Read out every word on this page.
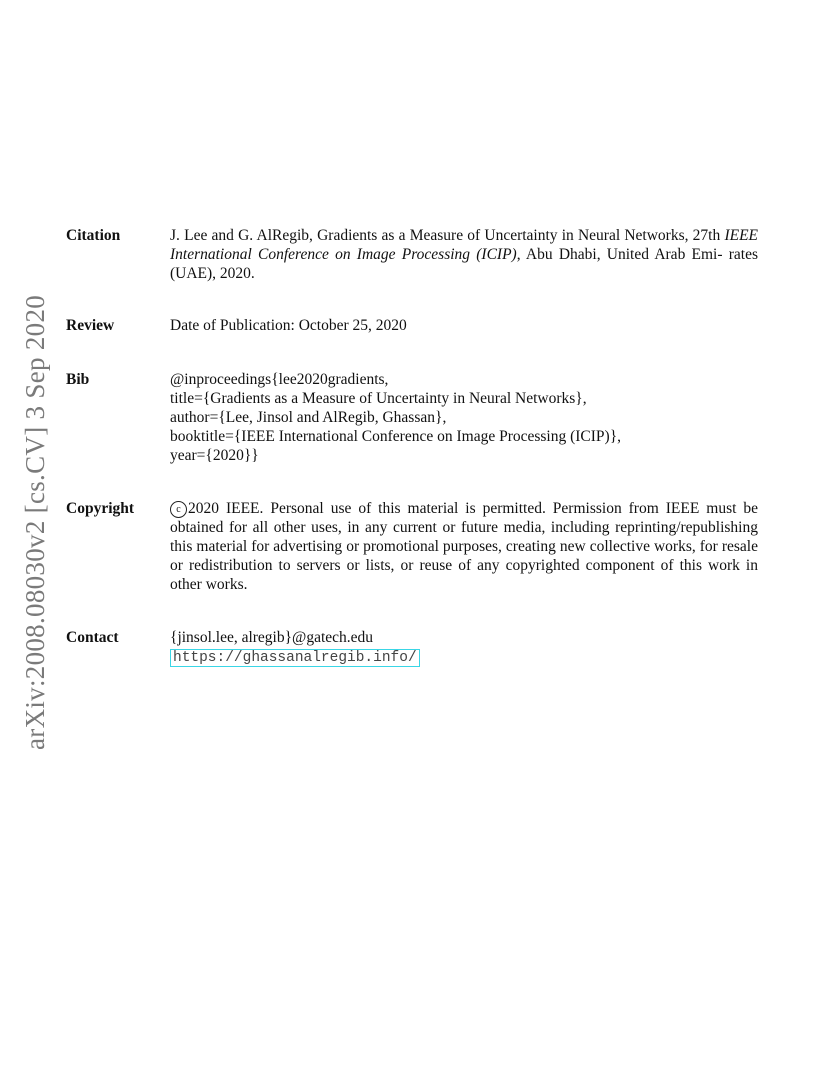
arXiv:2008.08030v2 [cs.CV] 3 Sep 2020
Citation	J. Lee and G. AlRegib, Gradients as a Measure of Uncertainty in Neural Networks, 27th IEEE International Conference on Image Processing (ICIP), Abu Dhabi, United Arab Emi- rates (UAE), 2020.
Review	Date of Publication: October 25, 2020
Bib	@inproceedings{lee2020gradients,
title={Gradients as a Measure of Uncertainty in Neural Networks},
author={Lee, Jinsol and AlRegib, Ghassan},
booktitle={IEEE International Conference on Image Processing (ICIP)},
year={2020}}
Copyright	c 2020 IEEE. Personal use of this material is permitted. Permission from IEEE must be obtained for all other uses, in any current or future media, including reprinting/republishing this material for advertising or promotional purposes, creating new collective works, for resale or redistribution to servers or lists, or reuse of any copyrighted component of this work in other works.
Contact	{jinsol.lee, alregib}@gatech.edu
https://ghassanalregib.info/
